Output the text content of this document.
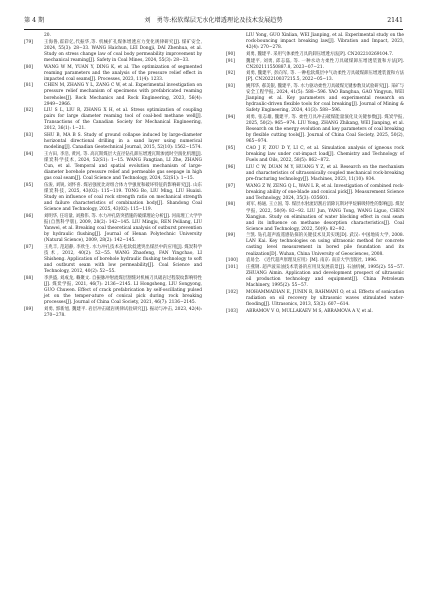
第 4 期	刘　勇等:松软煤层无水化增透理论及技术发展趋势	2141
20.
[79]	王海鲁,霍彩亿,代振华,等. 机械扩孔煤体增透应力变化规律研究[J]. 煤矿安全, 2024, 55(3): 28−33. WANG Haichun, LEI Dongji, DAI Zhenhua, et al. Study on stress change law of coal body permeability improvement by mechanical reaming[J]. Safety in Coal Mines, 2024, 55(3): 28−33.
[80]	WANG W M, YUAN Y, DING K, et al. The optimization of segmented reaming parameters and the analysis of the pressure relief effect in impacted coal seams[J]. Processes, 2023, 11(4): 1233.
[81]	CHEN M, ZHANG Y L, ZANG C W, et al. Experimental investigation on pressure relief mechanism of specimens with prefabricated reaming boreholes[J]. Rock Mechanics and Rock Engineering, 2023, 56(4): 2949−2966.
[82]	LIU S L, LIU R, ZHANG X H, et al. Stress optimization of coupling pairs for large diameter reaming tool of coal-bed methane well[J]. Transactions of the Canadian Society for Mechanical Engineering, 2012, 36(1): 1−21.
[83]	SHU B, MA B S. Study of ground collapse induced by large-diameter horizontal directional drilling in a sand layer using numerical modeling[J]. Canadian Geotechnical Journal, 2015, 52(10): 1562−1574.
[84]	王方田, 李浩, 黄河, 等. 高瓦斯煤层大直径钻孔卸压增透瓦斯渗流时空演化机理[J]. 煤炭科学技术, 2024, 52(S1): 1−15. WANG Fangtian, LI Zhe, ZHANG Cun, et al. Temporal and spatial evolution mechanism of large-diameter borehole pressure relief and permeable gas seepage in high gas coal seam[J]. Coal Science and Technology, 2024, 52(S1): 1−15.
[85]	伍浚, 刘锐, 刘怀喜. 煤岩强度比对组合体力学强度和破坏特征的影响研究[J]. 山东煤炭科技, 2025, 43(02): 115−119. TONG Bo, LIU Ming, LIU Huaixi. Study on influence of coal rock strength ratio on mechanical strength and failure characteristics of combination body[J]. Shandong Coal Science and Technology, 2025, 43(02): 115−119.
[86]	刘明华, 任培量, 刘燕伟, 等. 水力冲孔防突措施的破煤理论分析[J]. 河南理工大学学报(自然科学版), 2009, 28(2): 142−145. LIU Mingju, REN Peiliang, LIU Yanwei, et al. Breaking coal theoretical analysis of outburst prevention by hydraulic flushing[J]. Journal of Henan Polytechnic University (Natural Science), 2009, 28(2): 142−145.
[87]	王兆丰, 范超静, 李欣生. 水力冲孔技术在松软低透突出煤层中的应用[J]. 煤炭科学技术, 2012, 40(2): 52−55. WANG Zhaofeng, FAN Yingchao, LI Shisheng. Application of borehole hydraulic flushing technology to soft and outburst seam with low permeability[J]. Coal Science and Technology, 2012, 40(2): 52−55.
[88]	李洪盛, 刘成龙, 赖聚文. 自振脉冲射流煤层割缝对机械刀具破岩过程裂纹影响特性[J]. 煤炭学报, 2021, 46(7): 2136−2145. LI Hongsheng, LIU Songyong, GUO Chuwen. Effect of crack prefabrication by self-oscillating pulsed jet on the temper-ature of conical pick during rock breaking processes[J]. Journal of China Coal Society, 2021, 46(7): 2136−2145.
[89]	刘勇, 郭新旭, 魏建平. 岩层冲击破岩规律试验研究[J]. 振动与冲击, 2023, 42(4): 270−278.
LIU Yong, GUO Xinlian, WEI Jianping, et al. Experimental study on the rock-bouncing impact breaking law[J]. Vibration and Impact, 2023, 42(4): 270−278.
[90]	刘勇, 魏建平. 采用气体柔性刀具的卸压增透方法[P]. CN202210269104.7.
[91]	魏建平, 刘勇, 邱志磊, 等. 一种水动力柔性刀具破煤卸压增透装置和方法[P]. CN202111550887.8, 2023−07−21.
[92]	刘勇, 魏建平, 彭向军, 等. 一种松软煤层中气动柔性刀具破煤卸压增透装置和方法[P]. CN202210037215.5, 2022−05−13.
[93]	姚邦华, 郝美银, 魏建平, 等. 水力驱动柔性刀具破煤无键参数及试验研究[J]. 采矿与安全工程学报, 2024, 41(5): 588−596. YAO Banghua, GAO Yingyun, WEI Jianping et al. Key parameters and experimental research on hydraulic-driven flexible tools for coal breaking[J]. Journal of Mining & Safety Engineering, 2024, 41(3): 588−596.
[94]	刘勇, 张志雄, 魏建平, 等. 柔性刀具冲击破煤能量演化及关键参数[J]. 煤炭学报, 2025, 50(2): 965−974. LIU Yong, ZHANG Zhikang, WEI Jianping, et al. Research on the energy evolution and key parameters of coal breaking by flexible cutting tools[J]. Journal of China Coal Society, 2025, 50(2), 965−974.
[95]	CAO J F, ZOU D Y, LI C, et al. Simulation analysis of igneous rock breaking law under cut-impact load[J]. Chemistry and Technology of Fuels and Oils, 2022, 58(5): 862−872.
[96]	LIU C W, DUAN M Y, HUANG Y Z, et al. Research on the mechanism and characteristics of ultrasonically coupled mechanical rock-breaking pre-fracturing technology[J]. Machines, 2023, 11(10): 934.
[97]	WANG Z W, ZENG Q L, WAN L R, et al. Investigation of combined rock-breaking ability of one-blade and conical pick[J]. Measurement Science and Technology, 2024, 35(3): 035601.
[98]	刘军, 杨通, 王立国, 等. 煤层水射流切割后消除瓦斯对甲烷解吸特性的影响[J]. 煤炭学报, 2022, 50(9): 82−92. LIU Jun, YANG Tong, WANG Liguo, CHEN Xiangjun. Study on elimination of water blocking effect in coal seam and its influence on methane desorption characteristics[J]. Coal Science and Technology, 2022, 50(9): 82−92.
[99]	兰凯. 钻孔超声波遥感钻探的关键技术及其实现[D]. 武汉: 中国地质大学, 2008. LAN Kai. Key technologies on using ultrasonic method for concrete casting level measurement in bored pile foundation and its realization[D]. Wuhan, China University of Geosciences, 2008.
[100] 袁易全. 《近代超声原理及应用》[M]. 南京: 南京大学出版社, 1996.
[101] 庄燕钢. 超声波采油技术装备的应用及发展前景[J]. 石油机械, 1995(2): 55−57. ZHUANG Aimin. Application and development prospect of ultrasonic oil production technology and equipment[J]. China Petroleum Machinery, 1995(2): 55−57.
[102] MOHAMMADIAN E, JUNIN R, RAHMANI O, et al. Effects of sonication radiation on oil recovery by ultrasonic waves stimulated water-flooding[J]. Ultrasonics, 2013, 53(2): 607−614.
[103] ABRAMOV V O, MULLAKAEV M S, ABRAMOVA A V, et al.
